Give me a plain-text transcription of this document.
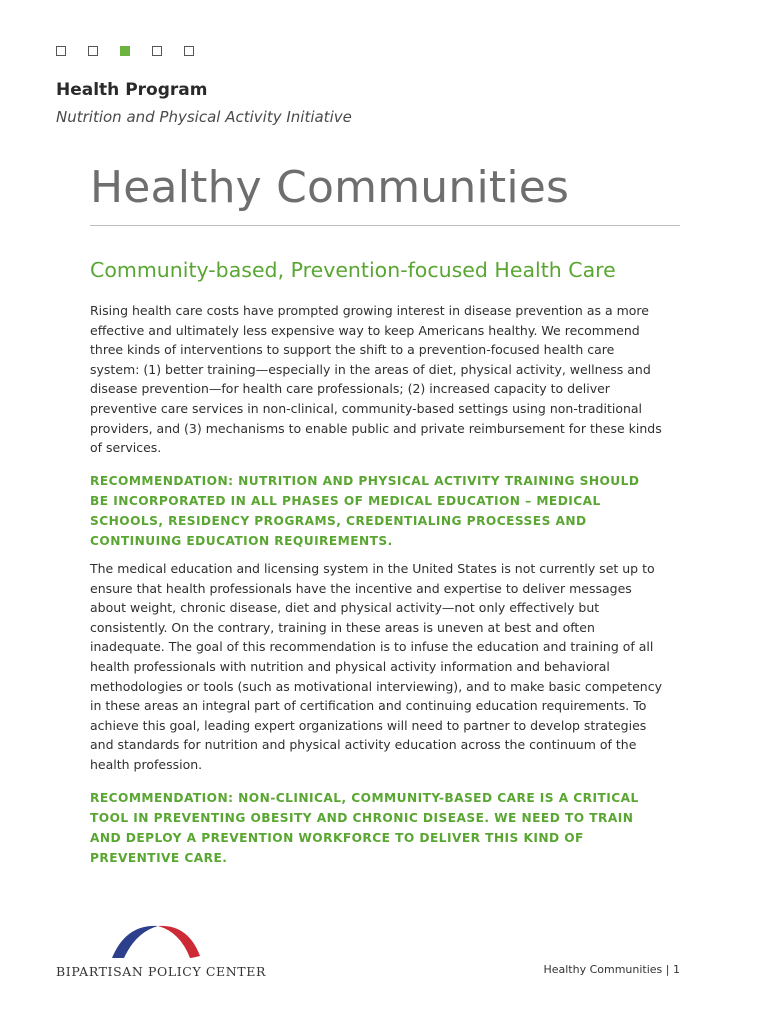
Health Program
Nutrition and Physical Activity Initiative
Healthy Communities
Community-based, Prevention-focused Health Care

Rising health care costs have prompted growing interest in disease prevention as a more effective and ultimately less expensive way to keep Americans healthy. We recommend three kinds of interventions to support the shift to a prevention-focused health care system: (1) better training—especially in the areas of diet, physical activity, wellness and disease prevention—for health care professionals; (2) increased capacity to deliver preventive care services in non-clinical, community-based settings using non-traditional providers, and (3) mechanisms to enable public and private reimbursement for these kinds of services.

RECOMMENDATION: NUTRITION AND PHYSICAL ACTIVITY TRAINING SHOULD BE INCORPORATED IN ALL PHASES OF MEDICAL EDUCATION – MEDICAL SCHOOLS, RESIDENCY PROGRAMS, CREDENTIALING PROCESSES AND CONTINUING EDUCATION REQUIREMENTS.

The medical education and licensing system in the United States is not currently set up to ensure that health professionals have the incentive and expertise to deliver messages about weight, chronic disease, diet and physical activity—not only effectively but consistently. On the contrary, training in these areas is uneven at best and often inadequate. The goal of this recommendation is to infuse the education and training of all health professionals with nutrition and physical activity information and behavioral methodologies or tools (such as motivational interviewing), and to make basic competency in these areas an integral part of certification and continuing education requirements. To achieve this goal, leading expert organizations will need to partner to develop strategies and standards for nutrition and physical activity education across the continuum of the health profession.

RECOMMENDATION: NON-CLINICAL, COMMUNITY-BASED CARE IS A CRITICAL TOOL IN PREVENTING OBESITY AND CHRONIC DISEASE. WE NEED TO TRAIN AND DEPLOY A PREVENTION WORKFORCE TO DELIVER THIS KIND OF PREVENTIVE CARE.

BIPARTISAN POLICY CENTER	Healthy Communities | 1
